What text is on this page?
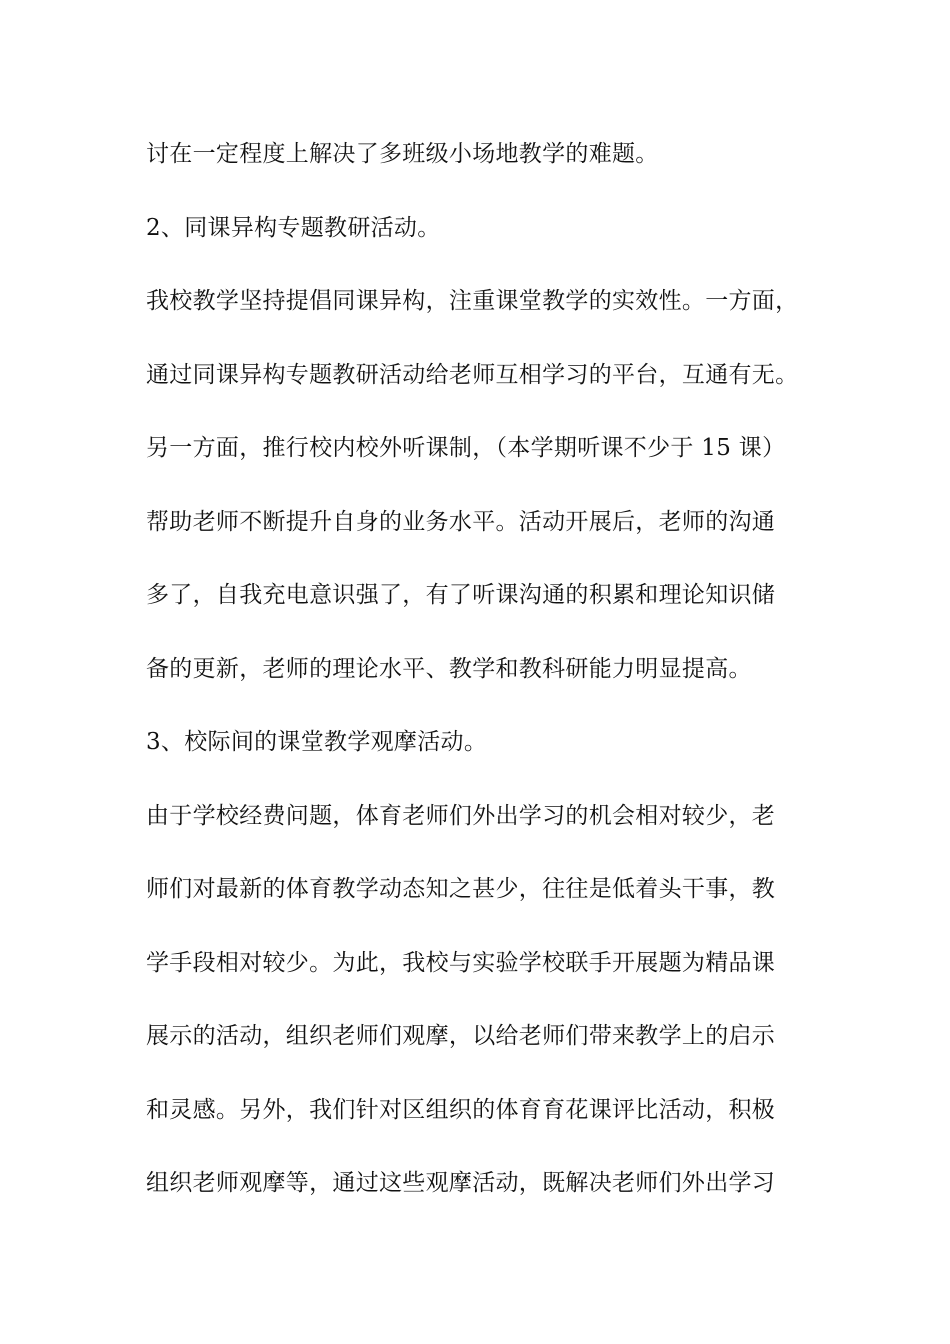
讨在一定程度上解决了多班级小场地教学的难题。
2、同课异构专题教研活动。
我校教学坚持提倡同课异构，注重课堂教学的实效性。一方面，
通过同课异构专题教研活动给老师互相学习的平台，互通有无。
另一方面，推行校内校外听课制，（本学期听课不少于 15 课）
帮助老师不断提升自身的业务水平。活动开展后，老师的沟通
多了，自我充电意识强了，有了听课沟通的积累和理论知识储
备的更新，老师的理论水平、教学和教科研能力明显提高。
3、校际间的课堂教学观摩活动。
由于学校经费问题，体育老师们外出学习的机会相对较少，老
师们对最新的体育教学动态知之甚少，往往是低着头干事，教
学手段相对较少。为此，我校与实验学校联手开展题为精品课
展示的活动，组织老师们观摩，以给老师们带来教学上的启示
和灵感。另外，我们针对区组织的体育育花课评比活动，积极
组织老师观摩等，通过这些观摩活动，既解决老师们外出学习
